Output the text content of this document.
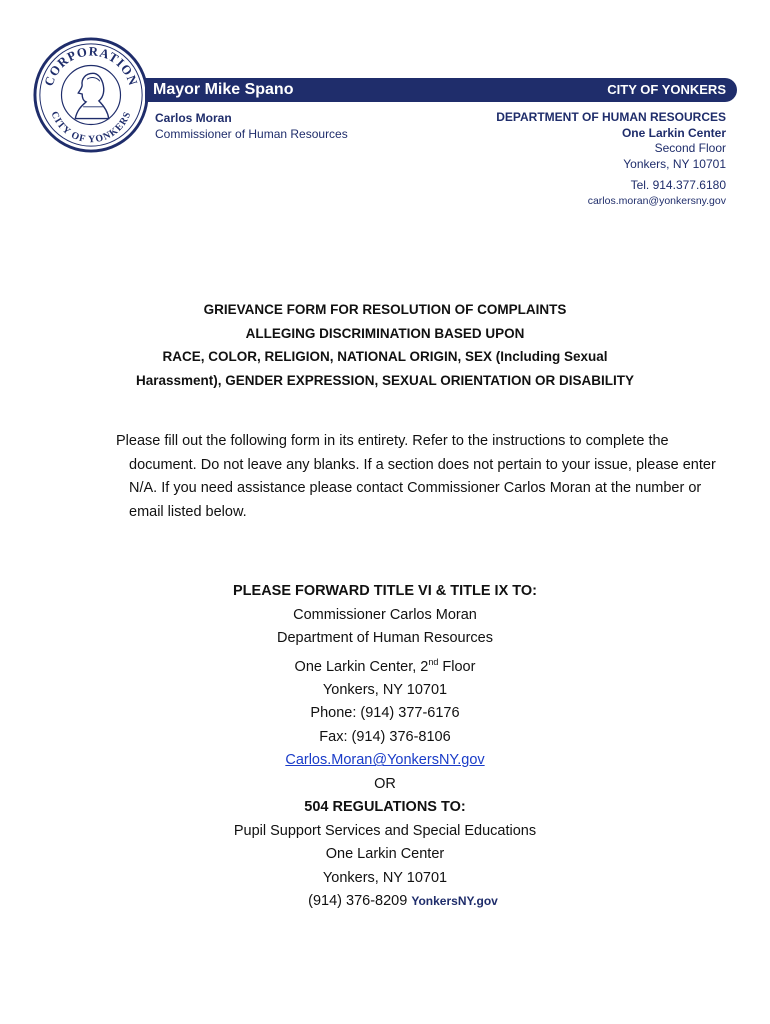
CORPORATION
CITY OF YONKERS
Mayor Mike Spano	CITY OF YONKERS
Carlos Moran
Commissioner of Human Resources
DEPARTMENT OF HUMAN RESOURCES
One Larkin Center
Second Floor
Yonkers, NY 10701
Tel. 914.377.6180
carlos.moran@yonkersny.gov
GRIEVANCE FORM FOR RESOLUTION OF COMPLAINTS
ALLEGING DISCRIMINATION BASED UPON
RACE, COLOR, RELIGION, NATIONAL ORIGIN, SEX (Including Sexual
Harassment), GENDER EXPRESSION, SEXUAL ORIENTATION OR DISABILITY
Please fill out the following form in its entirety. Refer to the instructions to complete the document. Do not leave any blanks. If a section does not pertain to your issue, please enter N/A. If you need assistance please contact Commissioner Carlos Moran at the number or email listed below.
PLEASE FORWARD TITLE VI & TITLE IX TO:
Commissioner Carlos Moran
Department of Human Resources
One Larkin Center, 2nd Floor
Yonkers, NY 10701
Phone: (914) 377-6176
Fax: (914) 376-8106
Carlos.Moran@YonkersNY.gov
OR
504 REGULATIONS TO:
Pupil Support Services and Special Educations
One Larkin Center
Yonkers, NY 10701
(914) 376-8209 YonkersNY.gov
